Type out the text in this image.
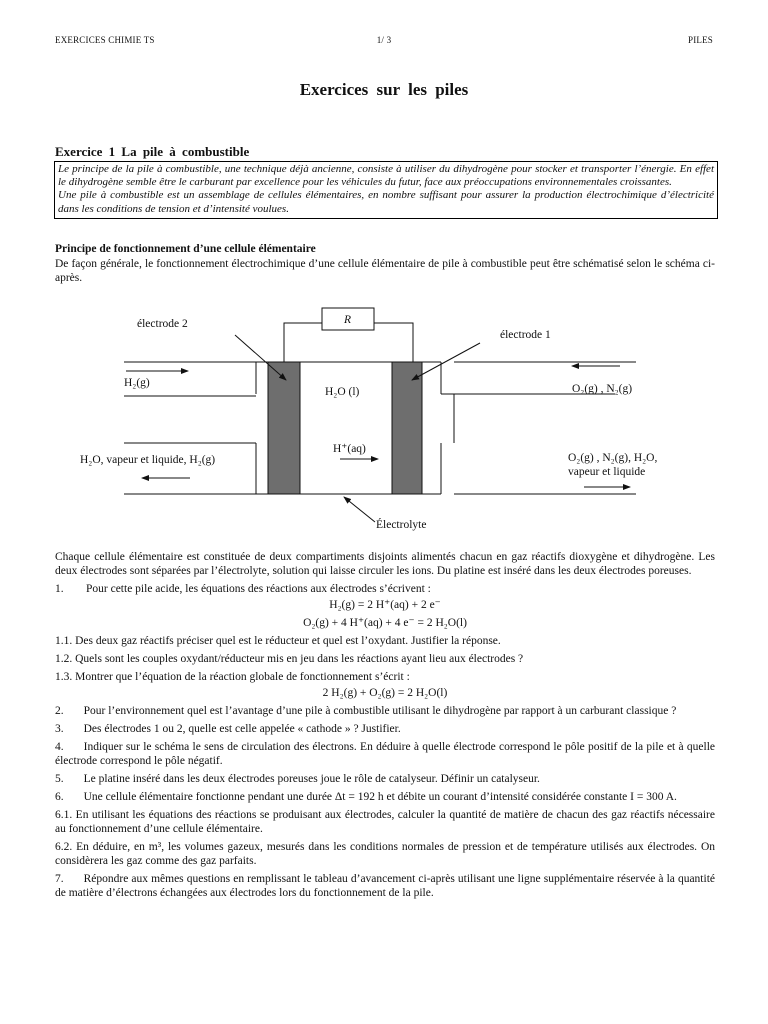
EXERCICES CHIMIE TS	1/ 3	PILES
Exercices sur les piles
Exercice 1 La pile à combustible

Le principe de la pile à combustible, une technique déjà ancienne, consiste à utiliser du dihydrogène pour stocker et transporter l’énergie. En effet le dihydrogène semble être le carburant par excellence pour les véhicules du futur, face aux préoccupations environnementales croissantes.

Une pile à combustible est un assemblage de cellules élémentaires, en nombre suffisant pour assurer la production électrochimique d’électricité dans les conditions de tension et d’intensité voulues.

Principe de fonctionnement d’une cellule élémentaire

De façon générale, le fonctionnement électrochimique d’une cellule élémentaire de pile à combustible peut être schématisé selon le schéma ci-après.

R
électrode 2
électrode 1
H₂(g)
H₂O (l)
H⁺(aq)
O₂(g) , N₂(g)
H₂O, vapeur et liquide, H₂(g)	O₂(g) , N₂(g), H₂O,
vapeur et liquide
Électrolyte

Chaque cellule élémentaire est constituée de deux compartiments disjoints alimentés chacun en gaz réactifs dioxygène et dihydrogène. Les deux électrodes sont séparées par l’électrolyte, solution qui laisse circuler les ions. Du platine est inséré dans les deux électrodes poreuses.

1.	Pour cette pile acide, les équations des réactions aux électrodes s’écrivent :
H₂(g) = 2 H⁺(aq) + 2 e⁻
O₂(g) + 4 H⁺(aq) + 4 e⁻ = 2 H₂O(l)

1.1. Des deux gaz réactifs préciser quel est le réducteur et quel est l’oxydant. Justifier la réponse.

1.2. Quels sont les couples oxydant/réducteur mis en jeu dans les réactions ayant lieu aux électrodes ?

1.3. Montrer que l’équation de la réaction globale de fonctionnement s’écrit :

2 H₂(g) + O₂(g) = 2 H₂O(l)
2. Pour l’environnement quel est l’avantage d’une pile à combustible utilisant le dihydrogène par rapport à un carburant classique ?
3. Des électrodes 1 ou 2, quelle est celle appelée « cathode » ? Justifier.
4. Indiquer sur le schéma le sens de circulation des électrons. En déduire à quelle électrode correspond le pôle positif de la pile et à quelle électrode correspond le pôle négatif.
5. Le platine inséré dans les deux électrodes poreuses joue le rôle de catalyseur. Définir un catalyseur.
6. Une cellule élémentaire fonctionne pendant une durée Δt = 192 h et débite un courant d’intensité considérée constante I = 300 A.

6.1. En utilisant les équations des réactions se produisant aux électrodes, calculer la quantité de matière de chacun des gaz réactifs nécessaire au fonctionnement d’une cellule élémentaire.

6.2. En déduire, en m³, les volumes gazeux, mesurés dans les conditions normales de pression et de température utilisés aux électrodes. On considèrera les gaz comme des gaz parfaits.

7. Répondre aux mêmes questions en remplissant le tableau d’avancement ci-après utilisant une ligne supplémentaire réservée à la quantité de matière d’électrons échangées aux électrodes lors du fonctionnement de la pile.
